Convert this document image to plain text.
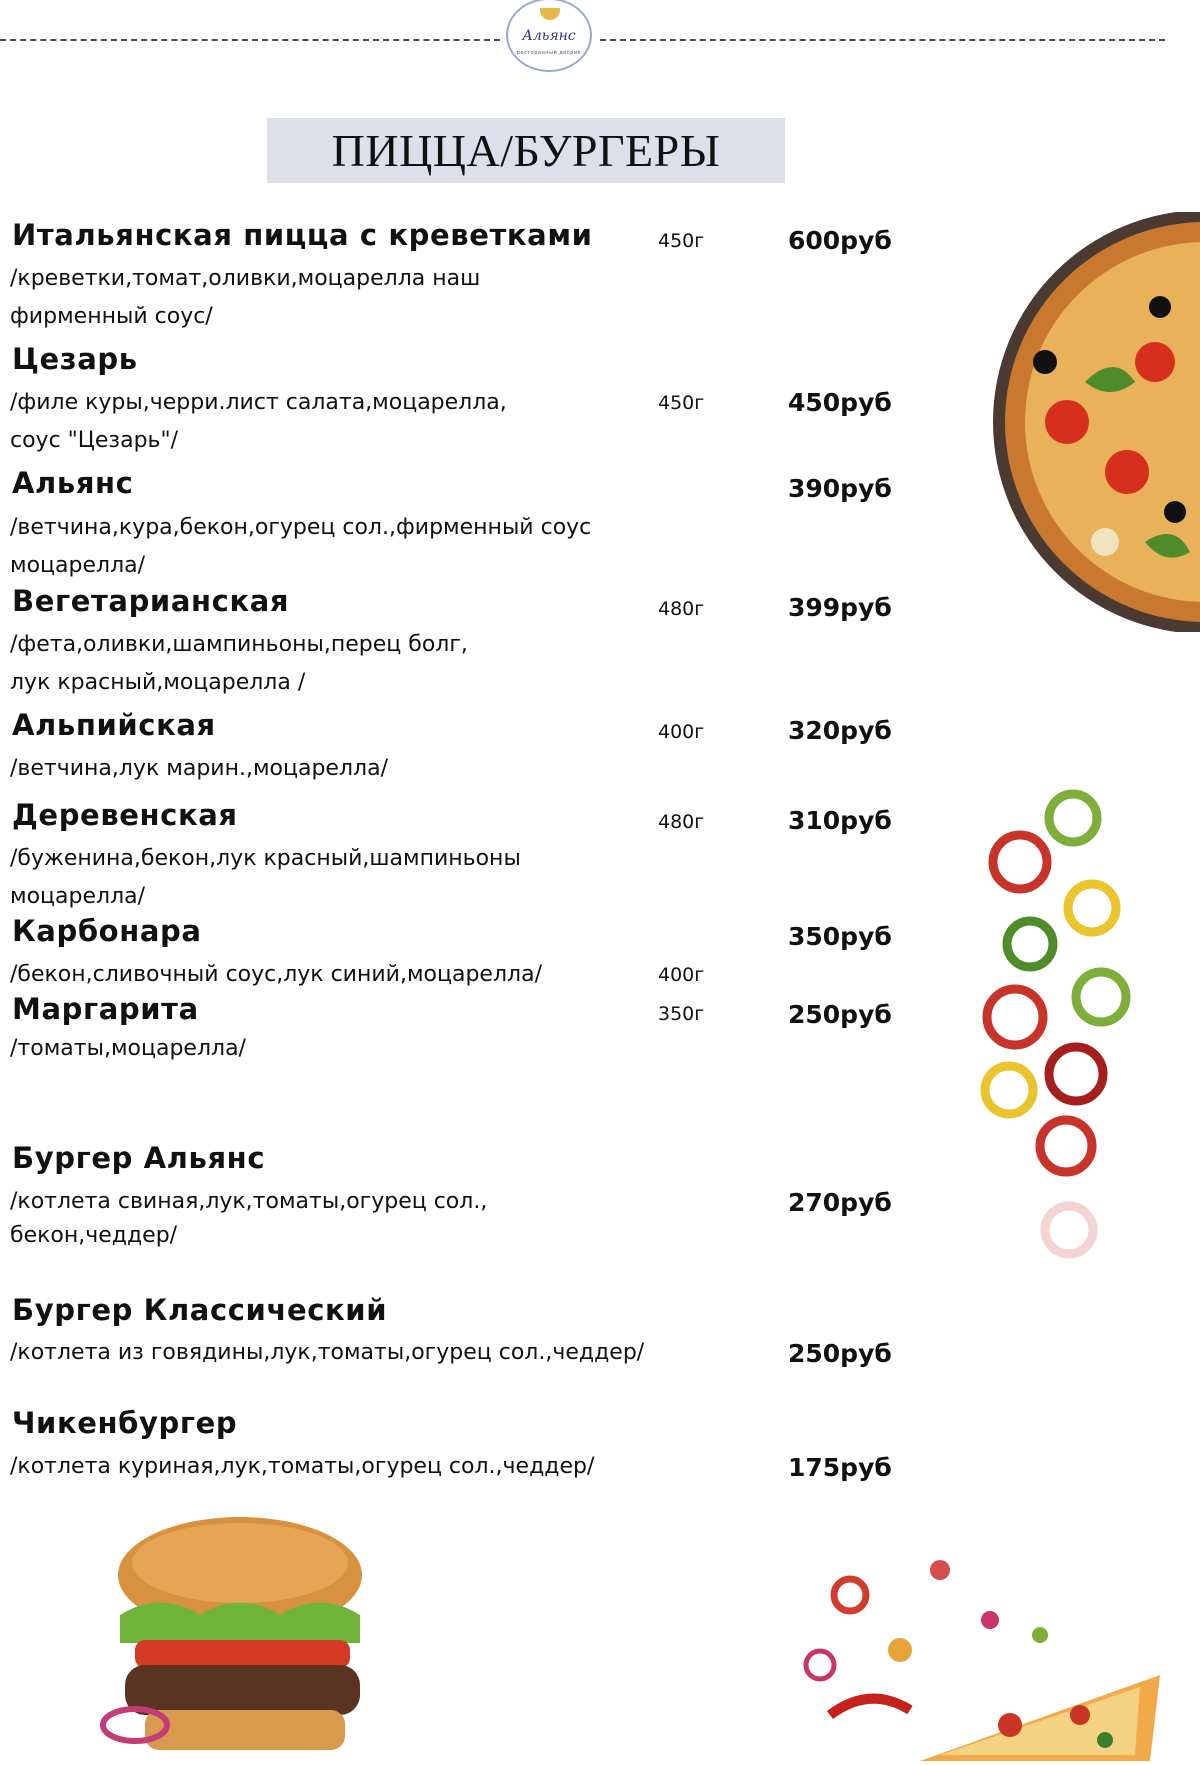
Альянс
ресторанный дворик
ПИЦЦА/БУРГЕРЫ
Итальянская пицца с креветками	450г	600руб
/креветки,томат,оливки,моцарелла наш
фирменный соус/
Цезарь
/филе куры,черри.лист салата,моцарелла,	450г	450руб
соус "Цезарь"/
Альянс	390руб
/ветчина,кура,бекон,огурец сол.,фирменный соус
моцарелла/
Вегетарианская	480г	399руб
/фета,оливки,шампиньоны,перец болг,
лук красный,моцарелла /
Альпийская	400г	320руб
/ветчина,лук марин.,моцарелла/
Деревенская	480г	310руб
/буженина,бекон,лук красный,шампиньоны
моцарелла/
Карбонара	350руб
/бекон,сливочный соус,лук синий,моцарелла/	400г
Маргарита	350г	250руб
/томаты,моцарелла/
Бургер Альянс
/котлета свиная,лук,томаты,огурец сол.,	270руб
бекон,чеддер/
Бургер Классический
/котлета из говядины,лук,томаты,огурец сол.,чеддер/	250руб
Чикенбургер
/котлета куриная,лук,томаты,огурец сол.,чеддер/	175руб
